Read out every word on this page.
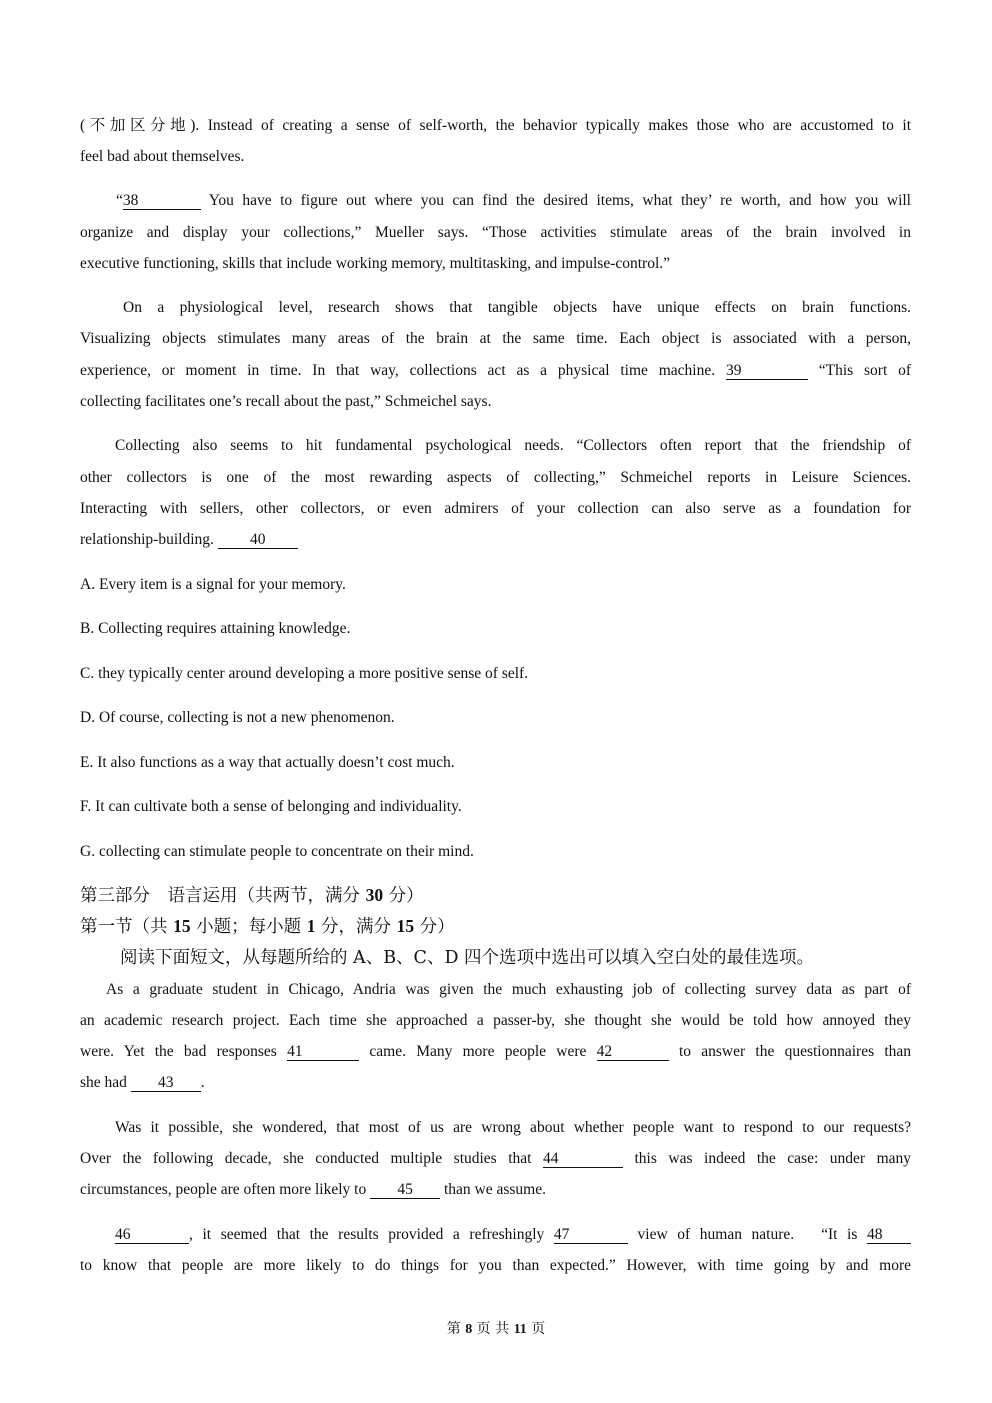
(不加区分地). Instead of creating a sense of self-worth, the behavior typically makes those who are accustomed to it
feel bad about themselves.
“38	You have to figure out where you can find the desired items, what they’ re worth, and how you will
organize and display your collections,” Mueller says. “Those activities stimulate areas of the brain involved in
executive functioning, skills that include working memory, multitasking, and impulse-control.”
On a physiological level, research shows that tangible objects have unique effects on brain functions.
Visualizing objects stimulates many areas of the brain at the same time. Each object is associated with a person,
experience, or moment in time. In that way, collections act as a physical time machine. 39	“This sort of
collecting facilitates one’s recall about the past,” Schmeichel says.
Collecting also seems to hit fundamental psychological needs. “Collectors often report that the friendship of
other collectors is one of the most rewarding aspects of collecting,” Schmeichel reports in Leisure Sciences.
Interacting with sellers, other collectors, or even admirers of your collection can also serve as a foundation for
relationship-building. 40
A. Every item is a signal for your memory.
B. Collecting requires attaining knowledge.
C. they typically center around developing a more positive sense of self.
D. Of course, collecting is not a new phenomenon.
E. It also functions as a way that actually doesn’t cost much.
F. It can cultivate both a sense of belonging and individuality.
G. collecting can stimulate people to concentrate on their mind.
第三部分　语言运用（共两节，满分 30 分）
第一节（共 15 小题；每小题 1 分，满分 15 分）
阅读下面短文，从每题所给的 A、B、C、D 四个选项中选出可以填入空白处的最佳选项。
As a graduate student in Chicago, Andria was given the much exhausting job of collecting survey data as part of
an academic research project. Each time she approached a passer-by, she thought she would be told how annoyed they
were. Yet the bad responses 41	came. Many more people were 42	to answer the questionnaires than
she had 43 .
Was it possible, she wondered, that most of us are wrong about whether people want to respond to our requests?
Over the following decade, she conducted multiple studies that 44	this was indeed the case: under many
circumstances, people are often more likely to 45 than we assume.
46	, it seemed that the results provided a refreshingly 47	view of human nature.　“It is 48
to know that people are more likely to do things for you than expected.” However, with time going by and more
第 8 页 共 11 页
